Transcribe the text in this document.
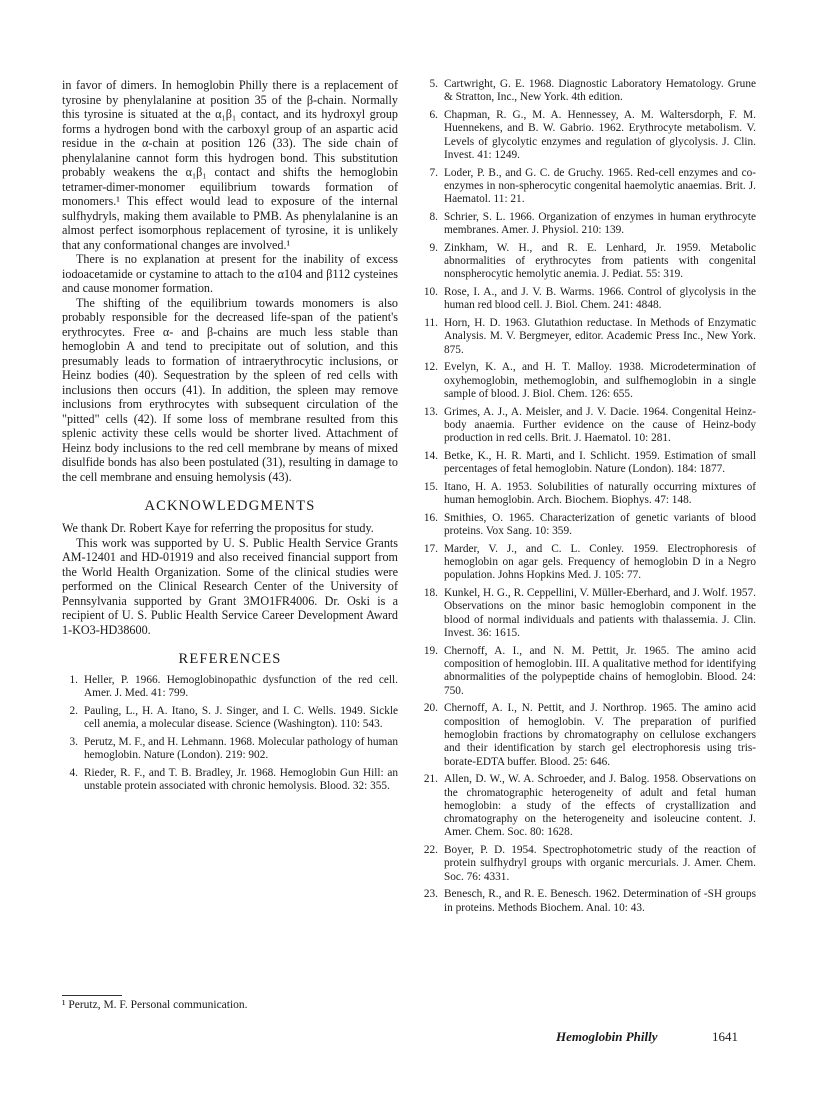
in favor of dimers. In hemoglobin Philly there is a replacement of tyrosine by phenylalanine at position 35 of the β-chain. Normally this tyrosine is situated at the α₁β₁ contact, and its hydroxyl group forms a hydrogen bond with the carboxyl group of an aspartic acid residue in the α-chain at position 126 (33). The side chain of phenylalanine cannot form this hydrogen bond. This substitution probably weakens the α₁β₁ contact and shifts the hemoglobin tetramer-dimer-monomer equilibrium towards formation of monomers.¹ This effect would lead to exposure of the internal sulfhydryls, making them available to PMB. As phenylalanine is an almost perfect isomorphous replacement of tyrosine, it is unlikely that any conformational changes are involved.¹

There is no explanation at present for the inability of excess iodoacetamide or cystamine to attach to the α104 and β112 cysteines and cause monomer formation.

The shifting of the equilibrium towards monomers is also probably responsible for the decreased life-span of the patient's erythrocytes. Free α- and β-chains are much less stable than hemoglobin A and tend to precipitate out of solution, and this presumably leads to formation of intraerythrocytic inclusions, or Heinz bodies (40). Sequestration by the spleen of red cells with inclusions then occurs (41). In addition, the spleen may remove inclusions from erythrocytes with subsequent circulation of the "pitted" cells (42). If some loss of membrane resulted from this splenic activity these cells would be shorter lived. Attachment of Heinz body inclusions to the red cell membrane by means of mixed disulfide bonds has also been postulated (31), resulting in damage to the cell membrane and ensuing hemolysis (43).

ACKNOWLEDGMENTS

We thank Dr. Robert Kaye for referring the propositus for study.

This work was supported by U. S. Public Health Service Grants AM-12401 and HD-01919 and also received financial support from the World Health Organization. Some of the clinical studies were performed on the Clinical Research Center of the University of Pennsylvania supported by Grant 3MO1FR4006. Dr. Oski is a recipient of U. S. Public Health Service Career Development Award 1-KO3-HD38600.

REFERENCES
1. Heller, P. 1966. Hemoglobinopathic dysfunction of the red cell. Amer. J. Med. 41: 799.
2. Pauling, L., H. A. Itano, S. J. Singer, and I. C. Wells. 1949. Sickle cell anemia, a molecular disease. Science (Washington). 110: 543.
3. Perutz, M. F., and H. Lehmann. 1968. Molecular pathology of human hemoglobin. Nature (London). 219: 902.
4. Rieder, R. F., and T. B. Bradley, Jr. 1968. Hemoglobin Gun Hill: an unstable protein associated with chronic hemolysis. Blood. 32: 355.
5. Cartwright, G. E. 1968. Diagnostic Laboratory Hematology. Grune & Stratton, Inc., New York. 4th edition.
6. Chapman, R. G., M. A. Hennessey, A. M. Waltersdorph, F. M. Huennekens, and B. W. Gabrio. 1962. Erythrocyte metabolism. V. Levels of glycolytic enzymes and regulation of glycolysis. J. Clin. Invest. 41: 1249.
7. Loder, P. B., and G. C. de Gruchy. 1965. Red-cell enzymes and co-enzymes in non-spherocytic congenital haemolytic anaemias. Brit. J. Haematol. 11: 21.
8. Schrier, S. L. 1966. Organization of enzymes in human erythrocyte membranes. Amer. J. Physiol. 210: 139.
9. Zinkham, W. H., and R. E. Lenhard, Jr. 1959. Metabolic abnormalities of erythrocytes from patients with congenital nonspherocytic hemolytic anemia. J. Pediat. 55: 319.
10. Rose, I. A., and J. V. B. Warms. 1966. Control of glycolysis in the human red blood cell. J. Biol. Chem. 241: 4848.
11. Horn, H. D. 1963. Glutathion reductase. In Methods of Enzymatic Analysis. M. V. Bergmeyer, editor. Academic Press Inc., New York. 875.
12. Evelyn, K. A., and H. T. Malloy. 1938. Microdetermination of oxyhemoglobin, methemoglobin, and sulfhemoglobin in a single sample of blood. J. Biol. Chem. 126: 655.
13. Grimes, A. J., A. Meisler, and J. V. Dacie. 1964. Congenital Heinz-body anaemia. Further evidence on the cause of Heinz-body production in red cells. Brit. J. Haematol. 10: 281.
14. Betke, K., H. R. Marti, and I. Schlicht. 1959. Estimation of small percentages of fetal hemoglobin. Nature (London). 184: 1877.
15. Itano, H. A. 1953. Solubilities of naturally occurring mixtures of human hemoglobin. Arch. Biochem. Biophys. 47: 148.
16. Smithies, O. 1965. Characterization of genetic variants of blood proteins. Vox Sang. 10: 359.
17. Marder, V. J., and C. L. Conley. 1959. Electrophoresis of hemoglobin on agar gels. Frequency of hemoglobin D in a Negro population. Johns Hopkins Med. J. 105: 77.
18. Kunkel, H. G., R. Ceppellini, V. Müller-Eberhard, and J. Wolf. 1957. Observations on the minor basic hemoglobin component in the blood of normal individuals and patients with thalassemia. J. Clin. Invest. 36: 1615.
19. Chernoff, A. I., and N. M. Pettit, Jr. 1965. The amino acid composition of hemoglobin. III. A qualitative method for identifying abnormalities of the polypeptide chains of hemoglobin. Blood. 24: 750.
20. Chernoff, A. I., N. Pettit, and J. Northrop. 1965. The amino acid composition of hemoglobin. V. The preparation of purified hemoglobin fractions by chromatography on cellulose exchangers and their identification by starch gel electrophoresis using tris-borate-EDTA buffer. Blood. 25: 646.
21. Allen, D. W., W. A. Schroeder, and J. Balog. 1958. Observations on the chromatographic heterogeneity of adult and fetal human hemoglobin: a study of the effects of crystallization and chromatography on the heterogeneity and isoleucine content. J. Amer. Chem. Soc. 80: 1628.
22. Boyer, P. D. 1954. Spectrophotometric study of the reaction of protein sulfhydryl groups with organic mercurials. J. Amer. Chem. Soc. 76: 4331.
23. Benesch, R., and R. E. Benesch. 1962. Determination of -SH groups in proteins. Methods Biochem. Anal. 10: 43.
¹ Perutz, M. F. Personal communication.
Hemoglobin Philly	1641
